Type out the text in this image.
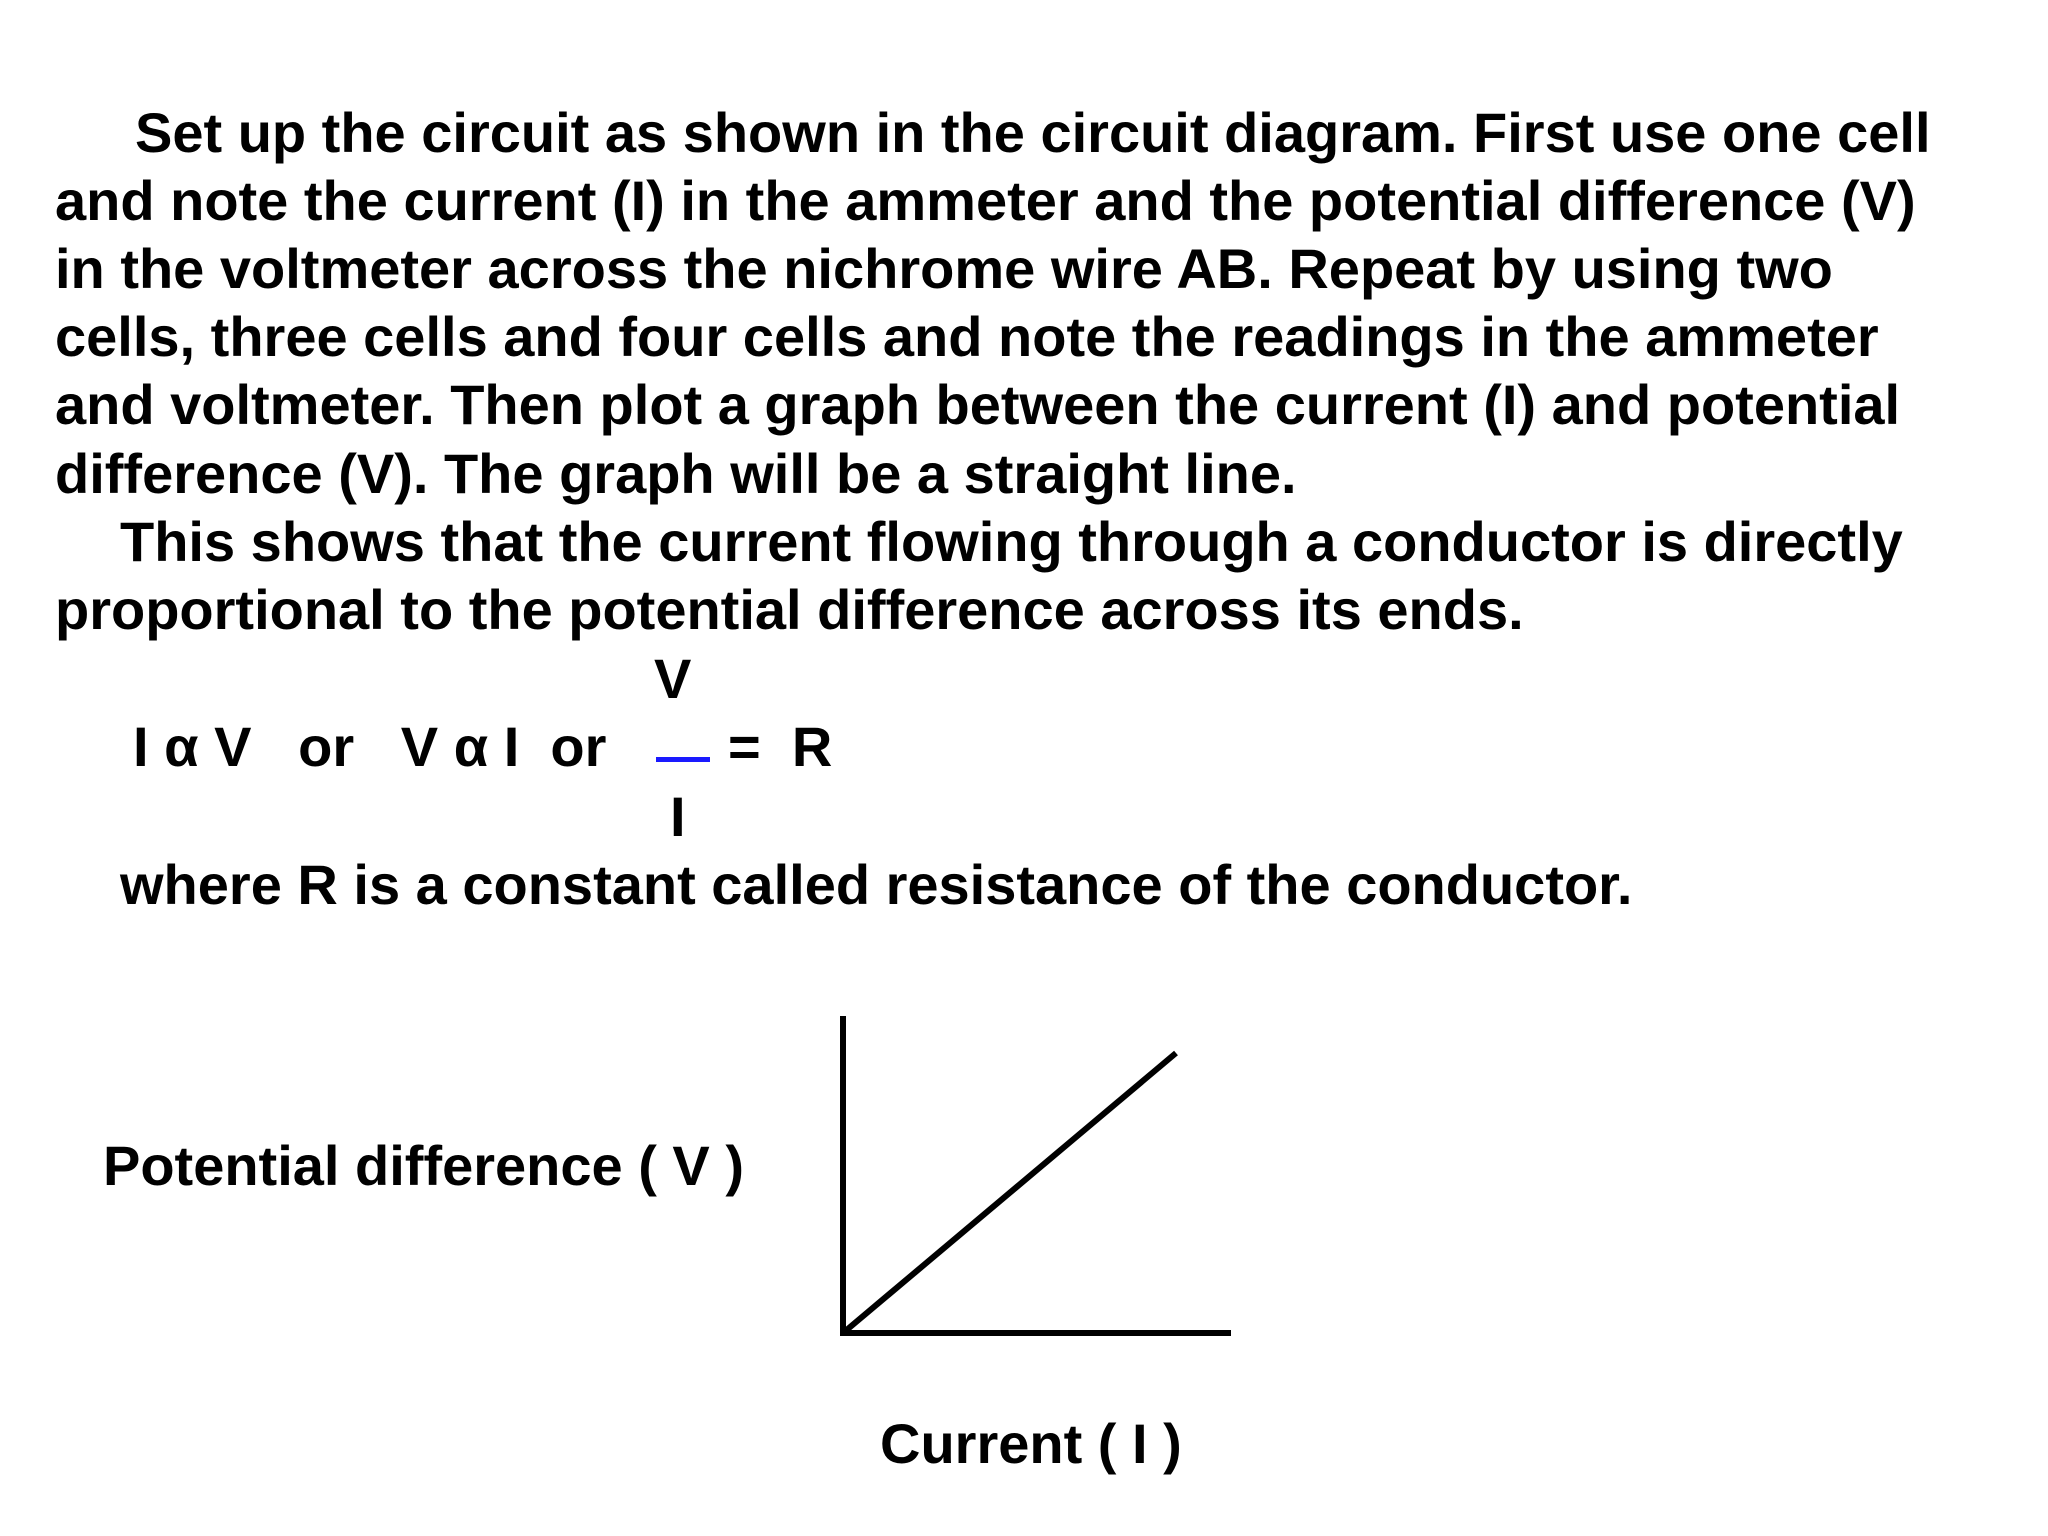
Set up the circuit as shown in the circuit diagram. First use one cell
and note the current (I) in the ammeter and the potential difference (V)
in the voltmeter across the nichrome wire AB. Repeat by using two
cells, three cells and four cells and note the readings in the ammeter
and voltmeter. Then plot a graph between the current (I) and potential
difference (V). The graph will be a straight line.
This shows that the current flowing through a conductor is directly
proportional to the potential difference across its ends.
V
I α V   or   V α I  or =  R
I
where R is a constant called resistance of the conductor.
Potential difference ( V )
Current ( I )
